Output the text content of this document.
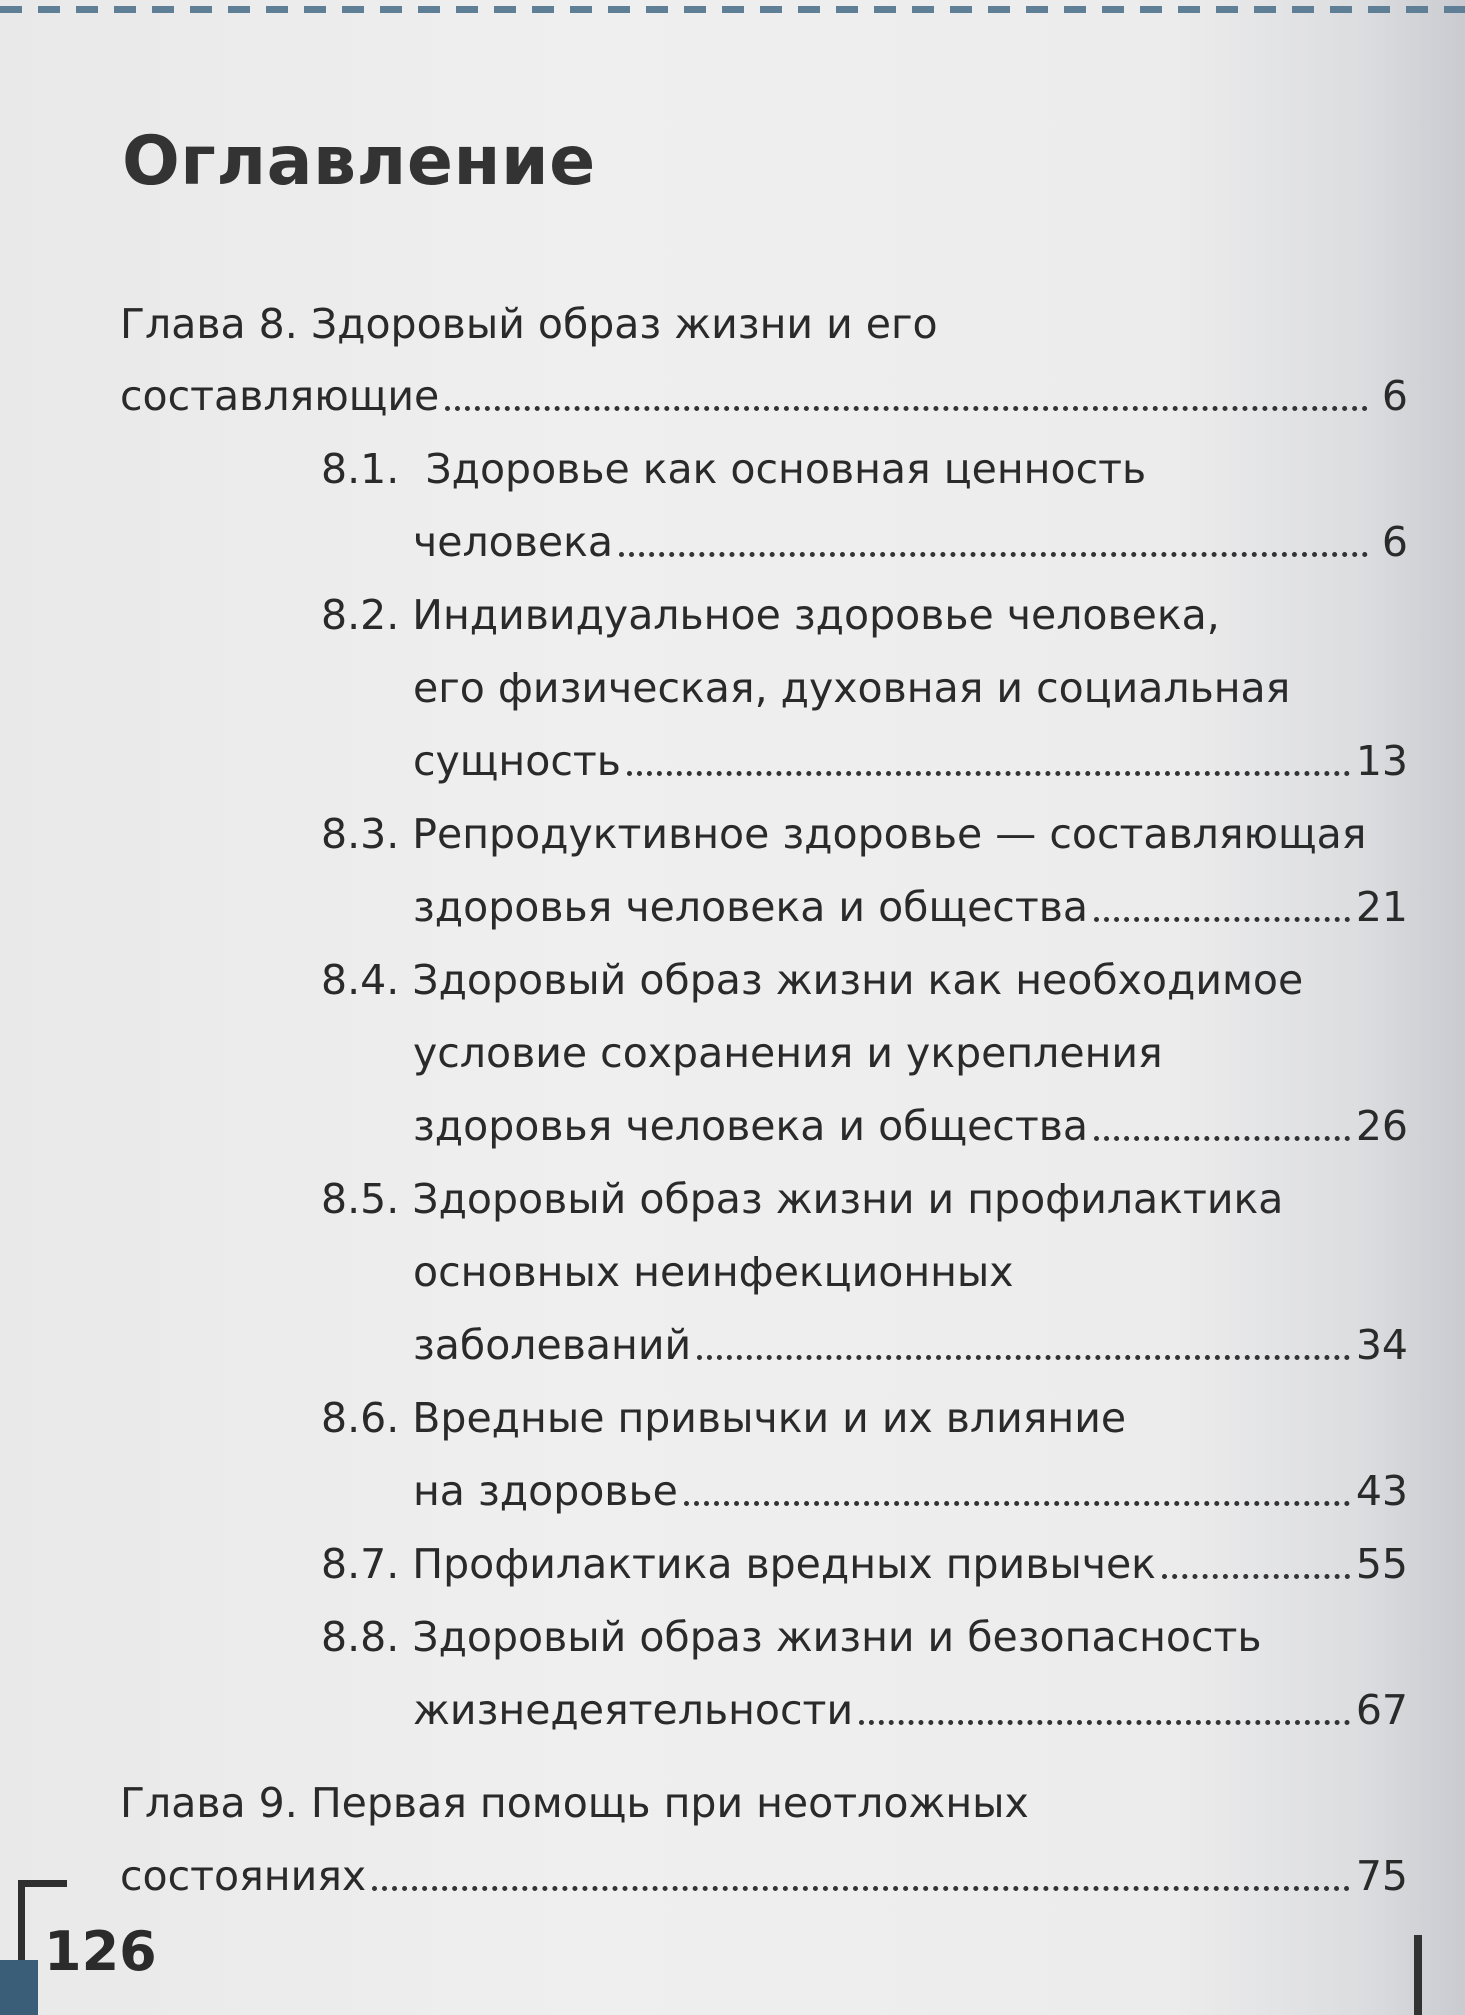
Оглавление
Глава 8.
Здоровый образ жизни и его
составляющие	6
8.1.
Здоровье как основная ценность
человека	6
8.2.
Индивидуальное здоровье человека,
его физическая, духовная и социальная
сущность	13
8.3.
Репродуктивное здоровье — составляющая
здоровья человека и общества	21
8.4.
Здоровый образ жизни как необходимое
условие сохранения и укрепления
здоровья человека и общества	26
8.5.
Здоровый образ жизни и профилактика
основных неинфекционных
заболеваний	34
8.6.
Вредные привычки и их влияние
на здоровье	43
8.7.
Профилактика вредных привычек	55
8.8.
Здоровый образ жизни и безопасность
жизнедеятельности	67
Глава 9.
Первая помощь при неотложных
состояниях	75
126
